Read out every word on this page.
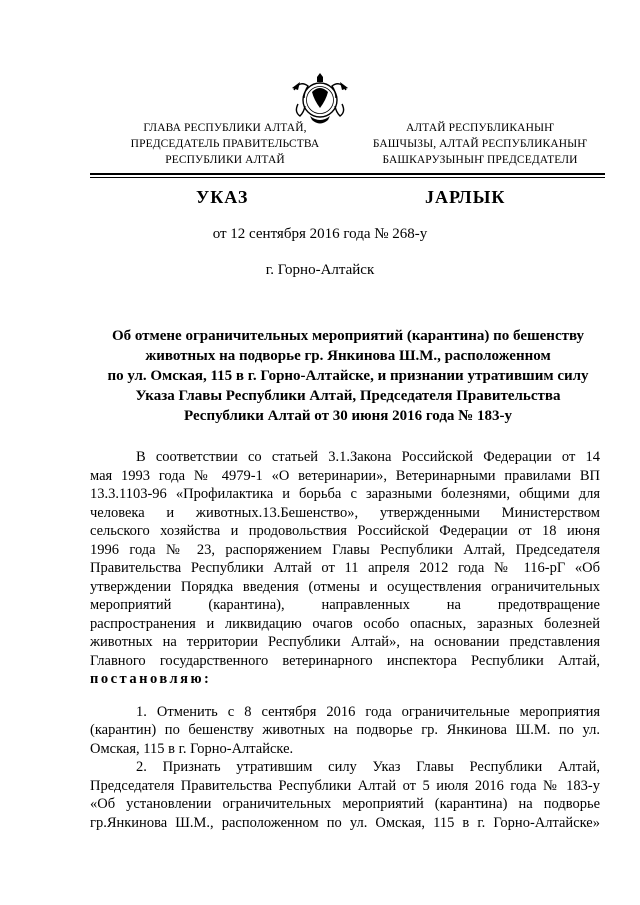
ГЛАВА РЕСПУБЛИКИ АЛТАЙ,
ПРЕДСЕДАТЕЛЬ ПРАВИТЕЛЬСТВА
РЕСПУБЛИКИ АЛТАЙ
АЛТАЙ РЕСПУБЛИКАНЫҤ
БАШЧЫЗЫ, АЛТАЙ РЕСПУБЛИКАНЫҤ
БАШКАРУЗЫНЫҤ ПРЕДСЕДАТЕЛИ
УКАЗ	ЈАРЛЫК
от 12 сентября 2016 года № 268-у
г. Горно-Алтайск
Об отмене ограничительных мероприятий (карантина) по бешенству
животных на подворье гр. Янкинова Ш.М., расположенном
по ул. Омская, 115 в г. Горно-Алтайске, и признании утратившим силу
Указа Главы Республики Алтай, Председателя Правительства
Республики Алтай от 30 июня 2016 года № 183-у
В соответствии со статьей 3.1.Закона Российской Федерации от 14
мая 1993 года № 4979-1 «О ветеринарии», Ветеринарными правилами ВП
13.3.1103-96 «Профилактика и борьба с заразными болезнями, общими для
человека и животных.13.Бешенство», утвержденными Министерством
сельского хозяйства и продовольствия Российской Федерации от 18 июня
1996 года № 23, распоряжением Главы Республики Алтай, Председателя
Правительства Республики Алтай от 11 апреля 2012 года № 116-рГ «Об
утверждении Порядка введения (отмены и осуществления ограничительных
мероприятий (карантина), направленных на предотвращение
распространения и ликвидацию очагов особо опасных, заразных болезней
животных на территории Республики Алтай», на основании представления
Главного государственного ветеринарного инспектора Республики Алтай,
постановляю:
1. Отменить с 8 сентября 2016 года ограничительные мероприятия
(карантин) по бешенству животных на подворье гр. Янкинова Ш.М. по ул.
Омская, 115 в г. Горно-Алтайске.
2. Признать утратившим силу Указ Главы Республики Алтай,
Председателя Правительства Республики Алтай от 5 июля 2016 года № 183-у
«Об установлении ограничительных мероприятий (карантина) на подворье
гр.Янкинова Ш.М., расположенном по ул. Омская, 115 в г. Горно-Алтайске»
